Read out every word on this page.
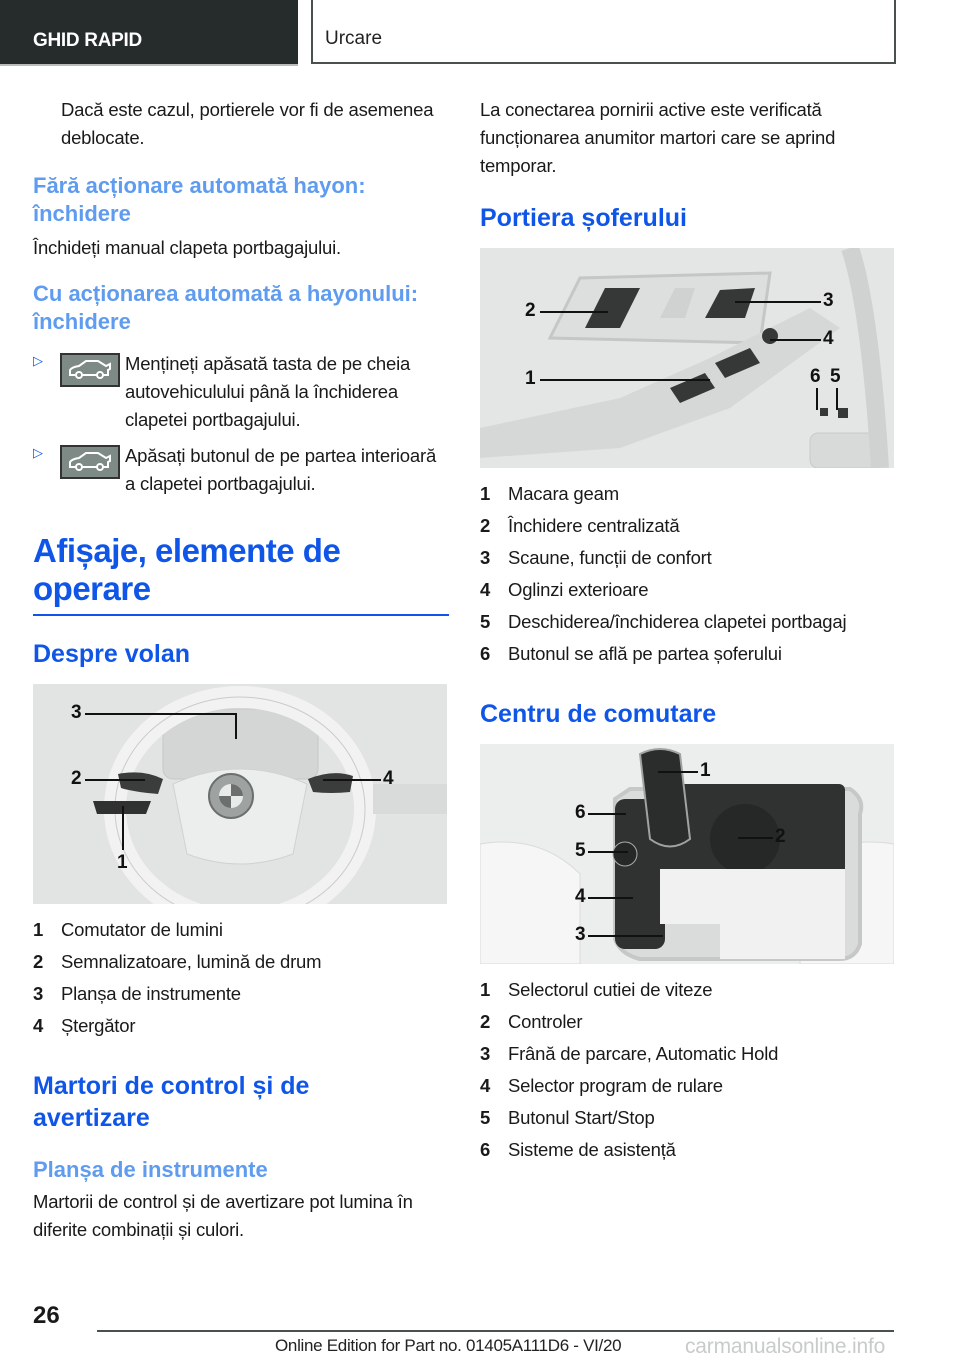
GHID RAPID	Urcare

Dacă este cazul, portierele vor fi de asemenea deblocate.

Fără acționare automată hayon: închidere

Închideți manual clapeta portbagajului.

Cu acționarea automată a hayonului: închidere
▷	Mențineți apăsată tasta de pe cheia autovehiculului până la închiderea clapetei portbagajului.

▷	Apăsați butonul de pe partea interioară a clapetei portbagajului.

Afișaje, elemente de operare
Despre volan
3
2	4
1
1 Comutator de lumini
2 Semnalizatoare, lumină de drum
3 Planșa de instrumente
4 Ștergător
Martori de control și de avertizare
Planșa de instrumente

Martorii de control și de avertizare pot lumina în diferite combinații și culori.

La conectarea pornirii active este verificată funcționarea anumitor martori care se aprind temporar.

Portiera șoferului
2	3
4
1	6 5
1 Macara geam
2 Închidere centralizată
3 Scaune, funcții de confort
4 Oglinzi exterioare
5 Deschiderea/închiderea clapetei portbagaj
6 Butonul se află pe partea șoferului
Centru de comutare
1
6
2
5
4
3
1 Selectorul cutiei de viteze
2 Controler
3 Frână de parcare, Automatic Hold
4 Selector program de rulare
5 Butonul Start/Stop
6 Sisteme de asistență
26
Online Edition for Part no. 01405A111D6 - VI/20	carmanualsonline.info
